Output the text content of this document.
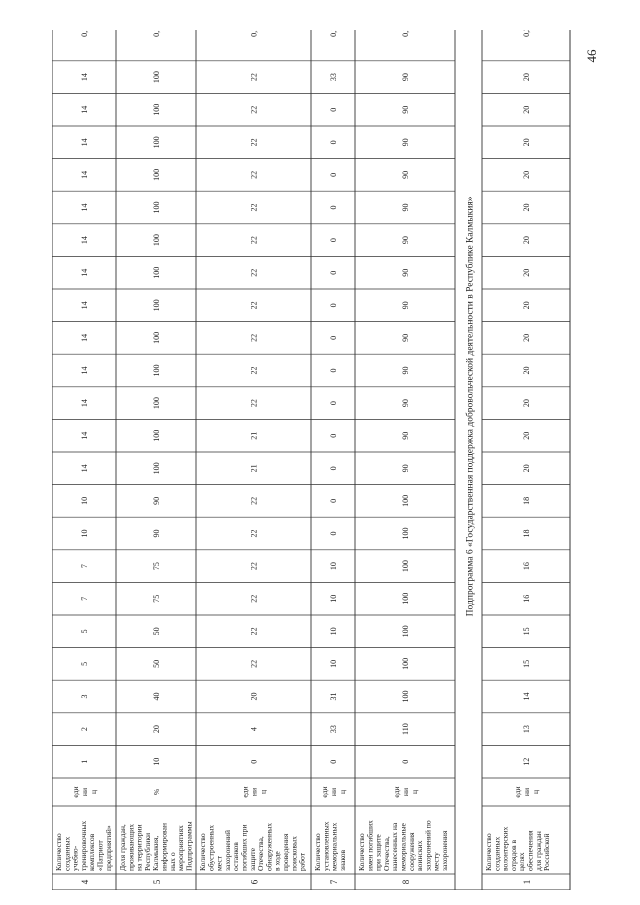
46
4
Количество созданных учебно- тренировочных комплексов «Патриот предприятий»
еди ни ц
1
2
3
5
5
7
7
10
10
14
14
14
14
14
14
14
14
14
14
14
14
14
0,1
5
Доля граждан, проживающих на территории Республики Калмыкия, информирован ных о мероприятиях Подпрограммы
%
10
20
40
50
50
75
75
90
90
100
100
100
100
100
100
100
100
100
100
100
100
100
0,1
6
Количество обустроенных мест захоронений останков погибших при защите Отечества, обнаруженных в ходе проведения поисковых работ
еди ни ц
0
4
20
22
22
22
22
22
22
21
21
22
22
22
22
22
22
22
22
22
22
22
0,1
7
Количество установленных мемориальных знаков
еди ни ц
0
33
31
10
10
10
10
0
0
0
0
0
0
0
0
0
0
0
0
0
0
33
0,1
8
Количество имен погибших при защите Отечества, нанесенных на мемориальные сооружения воинских захоронений по месту захоронения
еди ни ц
0
110
100
100
100
100
100
100
100
90
90
90
90
90
90
90
90
90
90
90
90
90
0,1
Подпрограмма 6 «Государственная поддержка добровольческой деятельности в Республике Калмыкия»
1
Количество созданных волонтерских отрядов в целях обеспечения для граждан Российской
еди ни ц
12
13
14
15
15
16
16
18
18
20
20
20
20
20
20
20
20
20
20
20
20
20
0,3
